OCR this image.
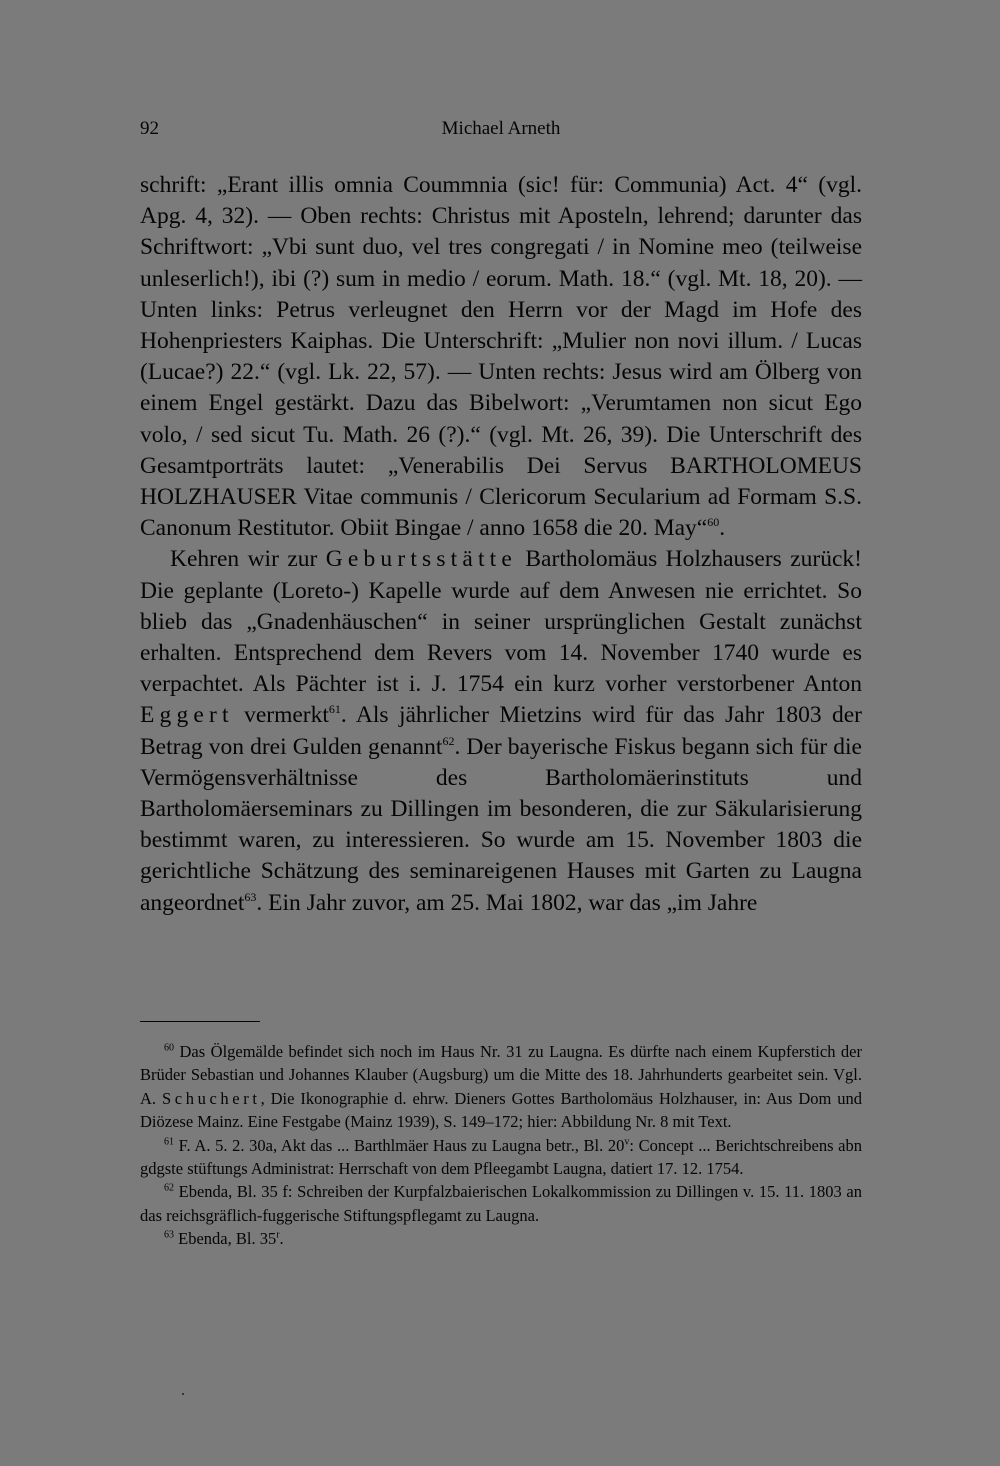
92	Michael Arneth

schrift: „Erant illis omnia Coummnia (sic! für: Communia) Act. 4“ (vgl. Apg. 4, 32). — Oben rechts: Christus mit Aposteln, lehrend; darunter das Schriftwort: „Vbi sunt duo, vel tres congregati / in Nomine meo (teilweise unleserlich!), ibi (?) sum in medio / eorum. Math. 18.“ (vgl. Mt. 18, 20). — Unten links: Petrus verleugnet den Herrn vor der Magd im Hofe des Hohenpriesters Kaiphas. Die Unterschrift: „Mulier non novi illum. / Lucas (Lucae?) 22.“ (vgl. Lk. 22, 57). — Unten rechts: Jesus wird am Ölberg von einem Engel gestärkt. Dazu das Bibelwort: „Verumtamen non sicut Ego volo, / sed sicut Tu. Math. 26 (?).“ (vgl. Mt. 26, 39). Die Unterschrift des Gesamtporträts lautet: „Venerabilis Dei Servus BARTHOLOMEUS HOLZHAUSER Vitae communis / Clericorum Secularium ad Formam S.S. Canonum Restitutor. Obiit Bingae / anno 1658 die 20. May“$^{60}$.

Kehren wir zur Geburtsstätte Bartholomäus Holzhausers zurück! Die geplante (Loreto-) Kapelle wurde auf dem Anwesen nie errichtet. So blieb das „Gnadenhäuschen“ in seiner ursprünglichen Gestalt zunächst erhalten. Entsprechend dem Revers vom 14. November 1740 wurde es verpachtet. Als Pächter ist i. J. 1754 ein kurz vorher verstorbener Anton Eggert vermerkt$^{61}$. Als jährlicher Mietzins wird für das Jahr 1803 der Betrag von drei Gulden genannt$^{62}$. Der bayerische Fiskus begann sich für die Vermögensverhältnisse des Bartholomäerinstituts und Bartholomäerseminars zu Dillingen im besonderen, die zur Säkularisierung bestimmt waren, zu interessieren. So wurde am 15. November 1803 die gerichtliche Schätzung des seminareigenen Hauses mit Garten zu Laugna angeordnet$^{63}$. Ein Jahr zuvor, am 25. Mai 1802, war das „im Jahre

$^{60}$ Das Ölgemälde befindet sich noch im Haus Nr. 31 zu Laugna. Es dürfte nach einem Kupferstich der Brüder Sebastian und Johannes Klauber (Augsburg) um die Mitte des 18. Jahrhunderts gearbeitet sein. Vgl. A. Schuchert, Die Ikonographie d. ehrw. Dieners Gottes Bartholomäus Holzhauser, in: Aus Dom und Diözese Mainz. Eine Festgabe (Mainz 1939), S. 149–172; hier: Abbildung Nr. 8 mit Text.

$^{61}$ F. A. 5. 2. 30a, Akt das ... Barthlmäer Haus zu Laugna betr., Bl. 20$^v$: Concept ... Berichtschreibens abn gdgste stüftungs Administrat: Herrschaft von dem Pfleegambt Laugna, datiert 17. 12. 1754.

$^{62}$ Ebenda, Bl. 35 f: Schreiben der Kurpfalzbaierischen Lokalkommission zu Dillingen v. 15. 11. 1803 an das reichsgräflich-fuggerische Stiftungspflegamt zu Laugna.

$^{63}$ Ebenda, Bl. 35$^r$.
